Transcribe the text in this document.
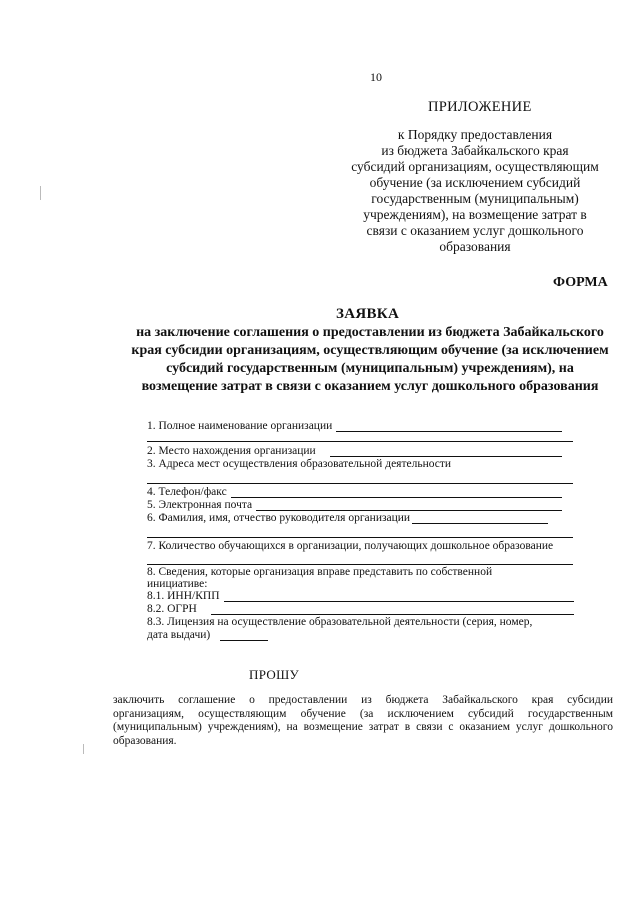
10
ПРИЛОЖЕНИЕ
к Порядку предоставления
из бюджета Забайкальского края
субсидий организациям, осуществляющим
обучение (за исключением субсидий
государственным (муниципальным)
учреждениям), на возмещение затрат в
связи с оказанием услуг дошкольного
образования
ФОРМА
ЗАЯВКА
на заключение соглашения о предоставлении из бюджета Забайкальского
края субсидии организациям, осуществляющим обучение (за исключением
субсидий государственным (муниципальным) учреждениям), на
возмещение затрат в связи с оказанием услуг дошкольного образования
1. Полное наименование организации
2. Место нахождения организации
3. Адреса мест осуществления образовательной деятельности
4. Телефон/факс
5. Электронная почта
6. Фамилия, имя, отчество руководителя организации
7. Количество обучающихся в организации, получающих дошкольное образование
8. Сведения, которые организация вправе представить по собственной
инициативе:
8.1. ИНН/КПП
8.2. ОГРН
8.3. Лицензия на осуществление образовательной деятельности (серия, номер,
дата выдачи)
ПРОШУ
заключить соглашение о предоставлении из бюджета Забайкальского края субсидии
организациям, осуществляющим обучение (за исключением субсидий государственным
(муниципальным) учреждениям), на возмещение затрат в связи с оказанием услуг дошкольного
образования.
